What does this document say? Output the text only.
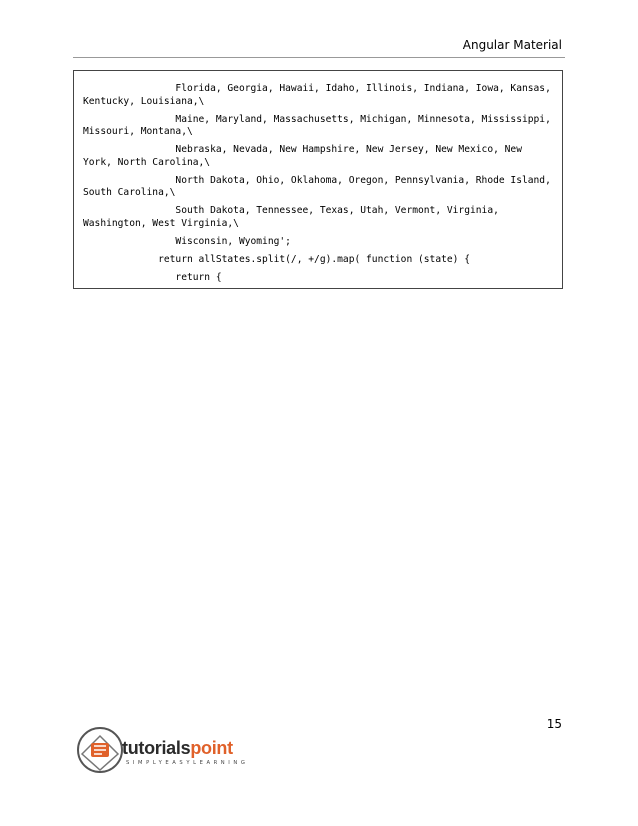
Angular Material
Florida, Georgia, Hawaii, Idaho, Illinois, Indiana, Iowa, Kansas,
Kentucky, Louisiana,\
Maine, Maryland, Massachusetts, Michigan, Minnesota, Mississippi,
Missouri, Montana,\
Nebraska, Nevada, New Hampshire, New Jersey, New Mexico, New
York, North Carolina,\
North Dakota, Ohio, Oklahoma, Oregon, Pennsylvania, Rhode Island,
South Carolina,\
South Dakota, Tennessee, Texas, Utah, Vermont, Virginia,
Washington, West Virginia,\
Wisconsin, Wyoming';
return allStates.split(/, +/g).map( function (state) {
return {
15
tutorialspoint
SIMPLYEASYLEARNING
